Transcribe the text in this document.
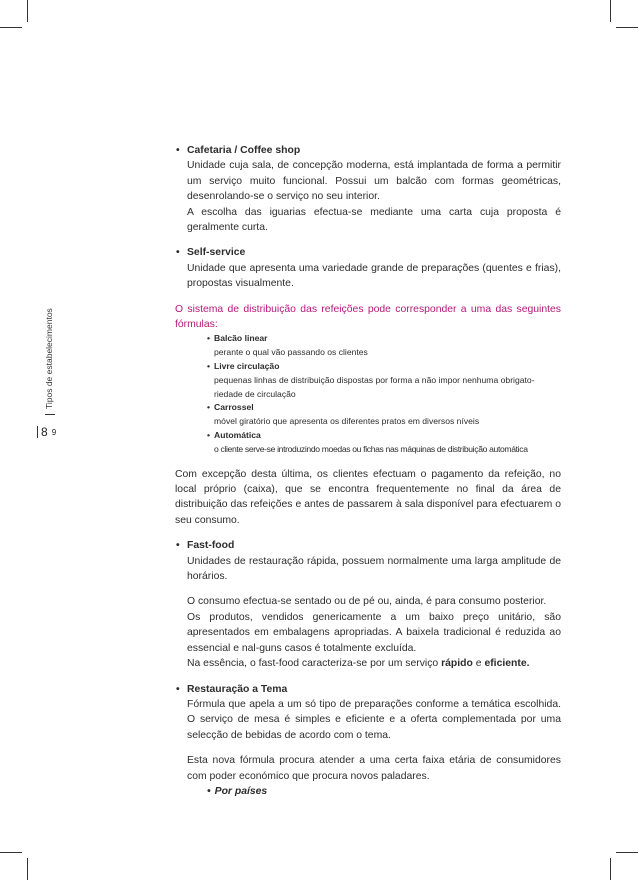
Tipos de estabelecimentos
8 9
• Cafetaria / Coffee shop

Unidade cuja sala, de concepção moderna, está implantada de forma a permitir um serviço muito funcional. Possui um balcão com formas geométricas, desenrolando-se o serviço no seu interior.

A escolha das iguarias efectua-se mediante uma carta cuja proposta é geralmente curta.

• Self-service

Unidade que apresenta uma variedade grande de preparações (quentes e frias), propostas visualmente.

O sistema de distribuição das refeições pode corresponder a uma das seguintes fórmulas:

• Balcão linear
perante o qual vão passando os clientes
• Livre circulação
pequenas linhas de distribuição dispostas por forma a não impor nenhuma obrigato-riedade de circulação
• Carrossel
móvel giratório que apresenta os diferentes pratos em diversos níveis
• Automática
o cliente serve-se introduzindo moedas ou fichas nas máquinas de distribuição automática

Com excepção desta última, os clientes efectuam o pagamento da refeição, no local próprio (caixa), que se encontra frequentemente no final da área de distribuição das refeições e antes de passarem à sala disponível para efectuarem o seu consumo.

• Fast-food

Unidades de restauração rápida, possuem normalmente uma larga amplitude de horários.

O consumo efectua-se sentado ou de pé ou, ainda, é para consumo posterior.

Os produtos, vendidos genericamente a um baixo preço unitário, são apresentados em embalagens apropriadas. A baixela tradicional é reduzida ao essencial e nal-guns casos é totalmente excluída.

Na essência, o fast-food caracteriza-se por um serviço rápido e eficiente.

• Restauração a Tema

Fórmula que apela a um só tipo de preparações conforme a temática escolhida. O serviço de mesa é simples e eficiente e a oferta complementada por uma selecção de bebidas de acordo com o tema.

Esta nova fórmula procura atender a uma certa faixa etária de consumidores com poder económico que procura novos paladares.

• Por países
